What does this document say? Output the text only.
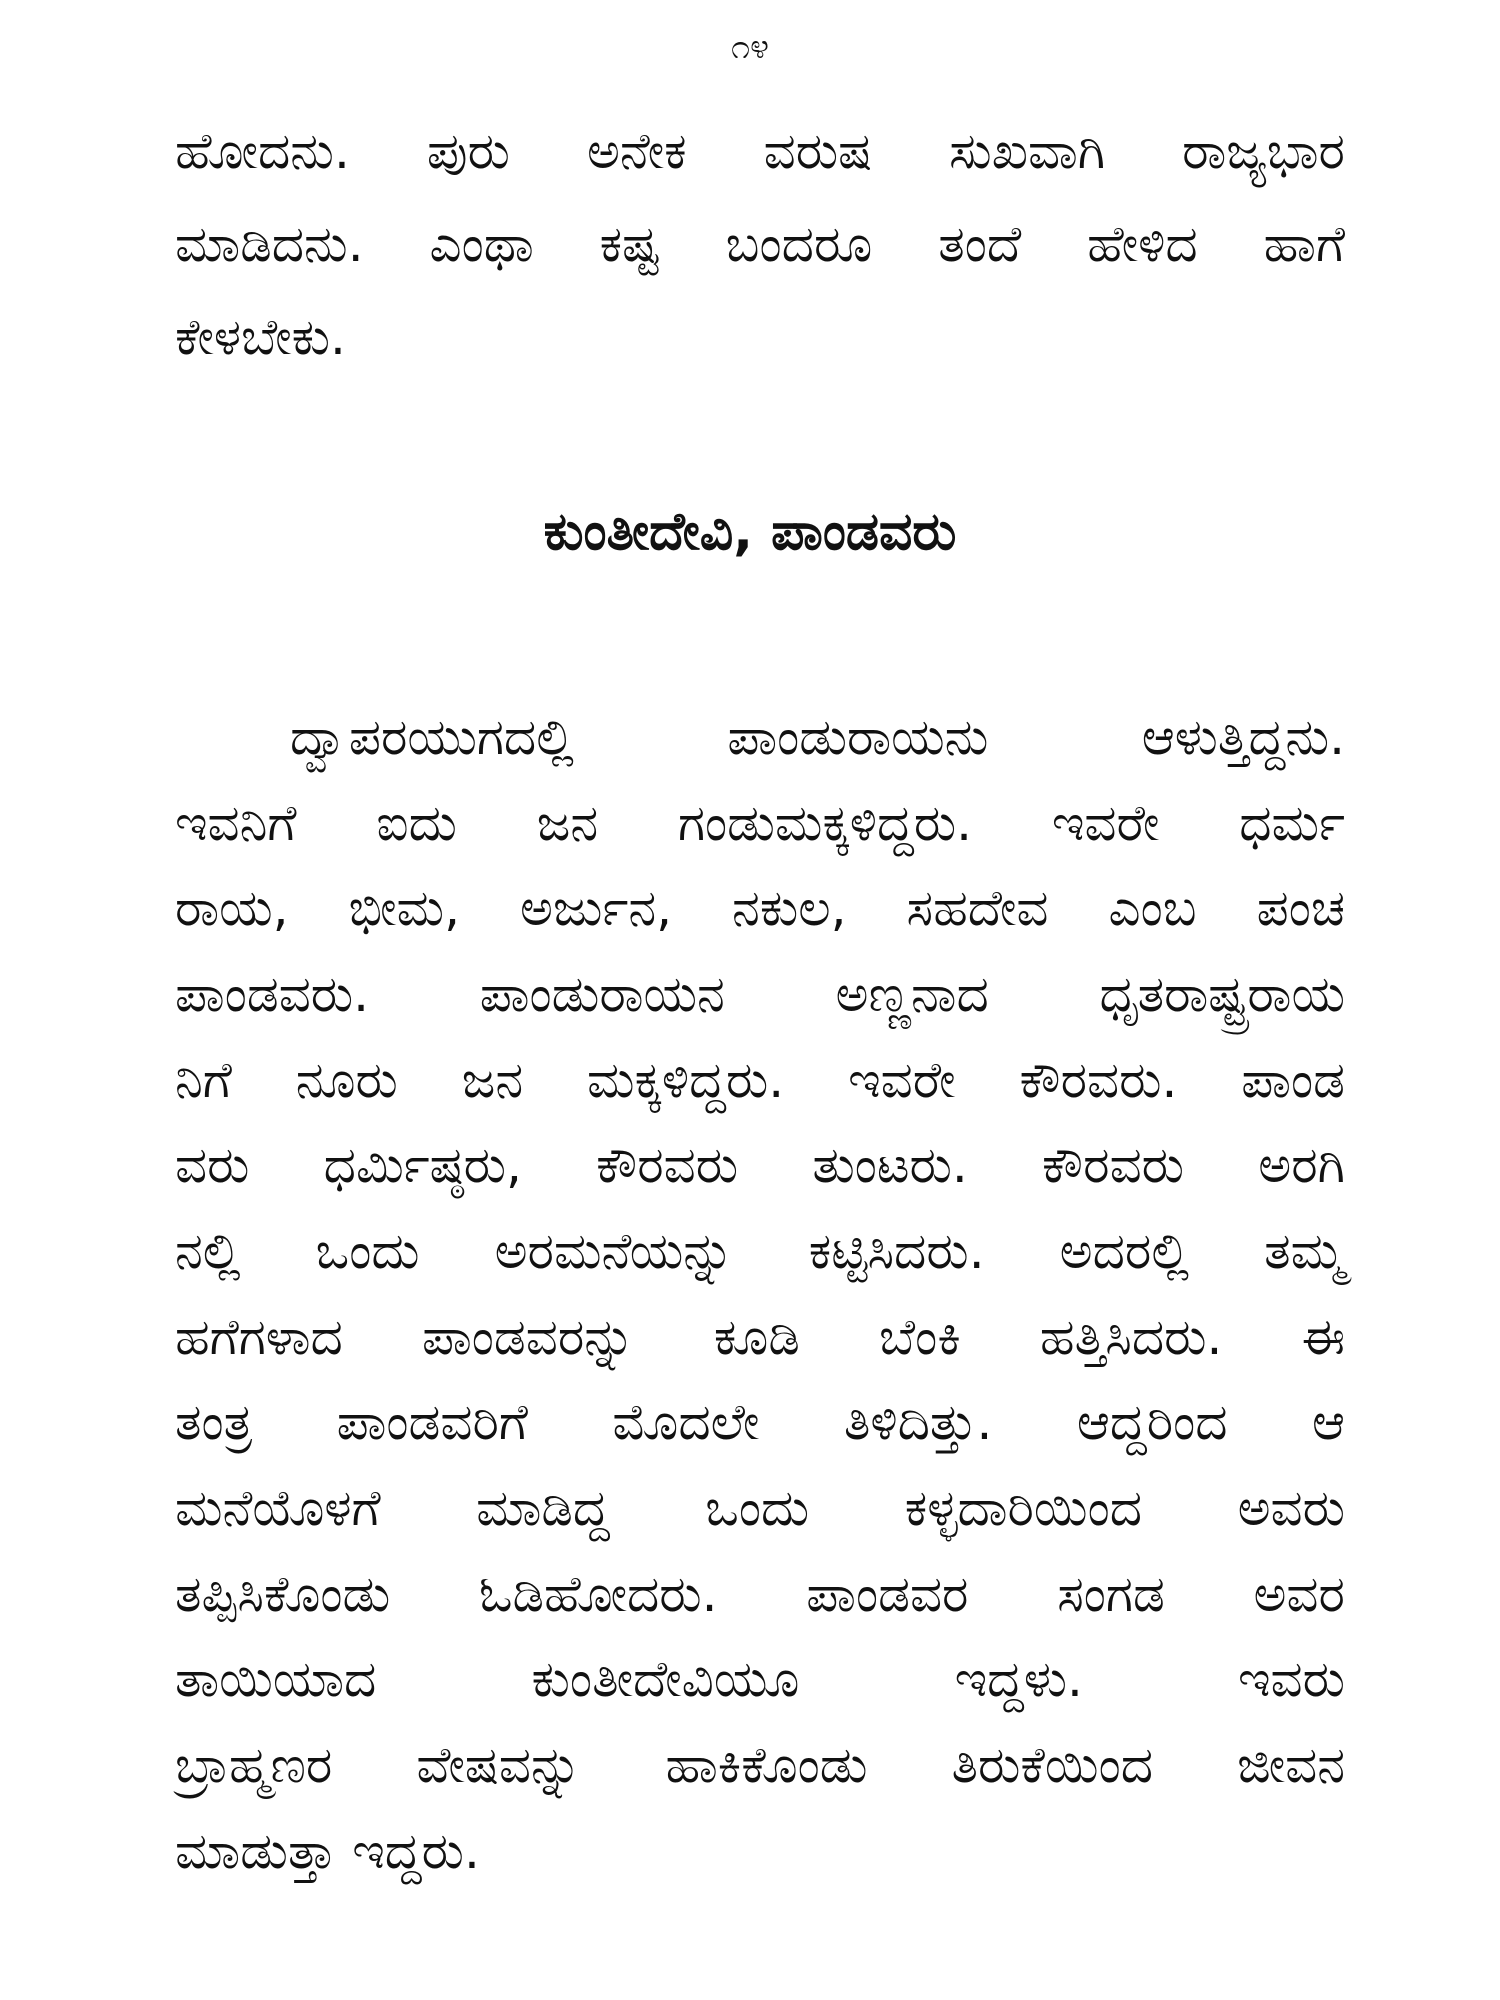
೧೪
ಹೋದನು. ಪುರು ಅನೇಕ ವರುಷ ಸುಖವಾಗಿ ರಾಜ್ಯಭಾರ
ಮಾಡಿದನು. ಎಂಥಾ ಕಷ್ಟ ಬಂದರೂ ತಂದೆ ಹೇಳಿದ ಹಾಗೆ
ಕೇಳಬೇಕು.
ಕುಂತೀದೇವಿ, ಪಾಂಡವರು
ದ್ವಾಪರಯುಗದಲ್ಲಿ ಪಾಂಡುರಾಯನು ಆಳುತ್ತಿದ್ದನು.
ಇವನಿಗೆ ಐದು ಜನ ಗಂಡುಮಕ್ಕಳಿದ್ದರು. ಇವರೇ ಧರ್ಮ
ರಾಯ, ಭೀಮ, ಅರ್ಜುನ, ನಕುಲ, ಸಹದೇವ ಎಂಬ ಪಂಚ
ಪಾಂಡವರು. ಪಾಂಡುರಾಯನ ಅಣ್ಣನಾದ ಧೃತರಾಷ್ಟ್ರರಾಯ
ನಿಗೆ ನೂರು ಜನ ಮಕ್ಕಳಿದ್ದರು. ಇವರೇ ಕೌರವರು. ಪಾಂಡ
ವರು ಧರ್ಮಿಷ್ಠರು, ಕೌರವರು ತುಂಟರು. ಕೌರವರು ಅರಗಿ
ನಲ್ಲಿ ಒಂದು ಅರಮನೆಯನ್ನು ಕಟ್ಟಿಸಿದರು. ಅದರಲ್ಲಿ ತಮ್ಮ
ಹಗೆಗಳಾದ ಪಾಂಡವರನ್ನು ಕೂಡಿ ಬೆಂಕಿ ಹತ್ತಿಸಿದರು. ಈ
ತಂತ್ರ ಪಾಂಡವರಿಗೆ ಮೊದಲೇ ತಿಳಿದಿತ್ತು. ಆದ್ದರಿಂದ ಆ
ಮನೆಯೊಳಗೆ ಮಾಡಿದ್ದ ಒಂದು ಕಳ್ಳದಾರಿಯಿಂದ ಅವರು
ತಪ್ಪಿಸಿಕೊಂಡು ಓಡಿಹೋದರು. ಪಾಂಡವರ ಸಂಗಡ ಅವರ
ತಾಯಿಯಾದ ಕುಂತೀದೇವಿಯೂ ಇದ್ದಳು. ಇವರು
ಬ್ರಾಹ್ಮಣರ ವೇಷವನ್ನು ಹಾಕಿಕೊಂಡು ತಿರುಕೆಯಿಂದ ಜೀವನ
ಮಾಡುತ್ತಾ ಇದ್ದರು.
